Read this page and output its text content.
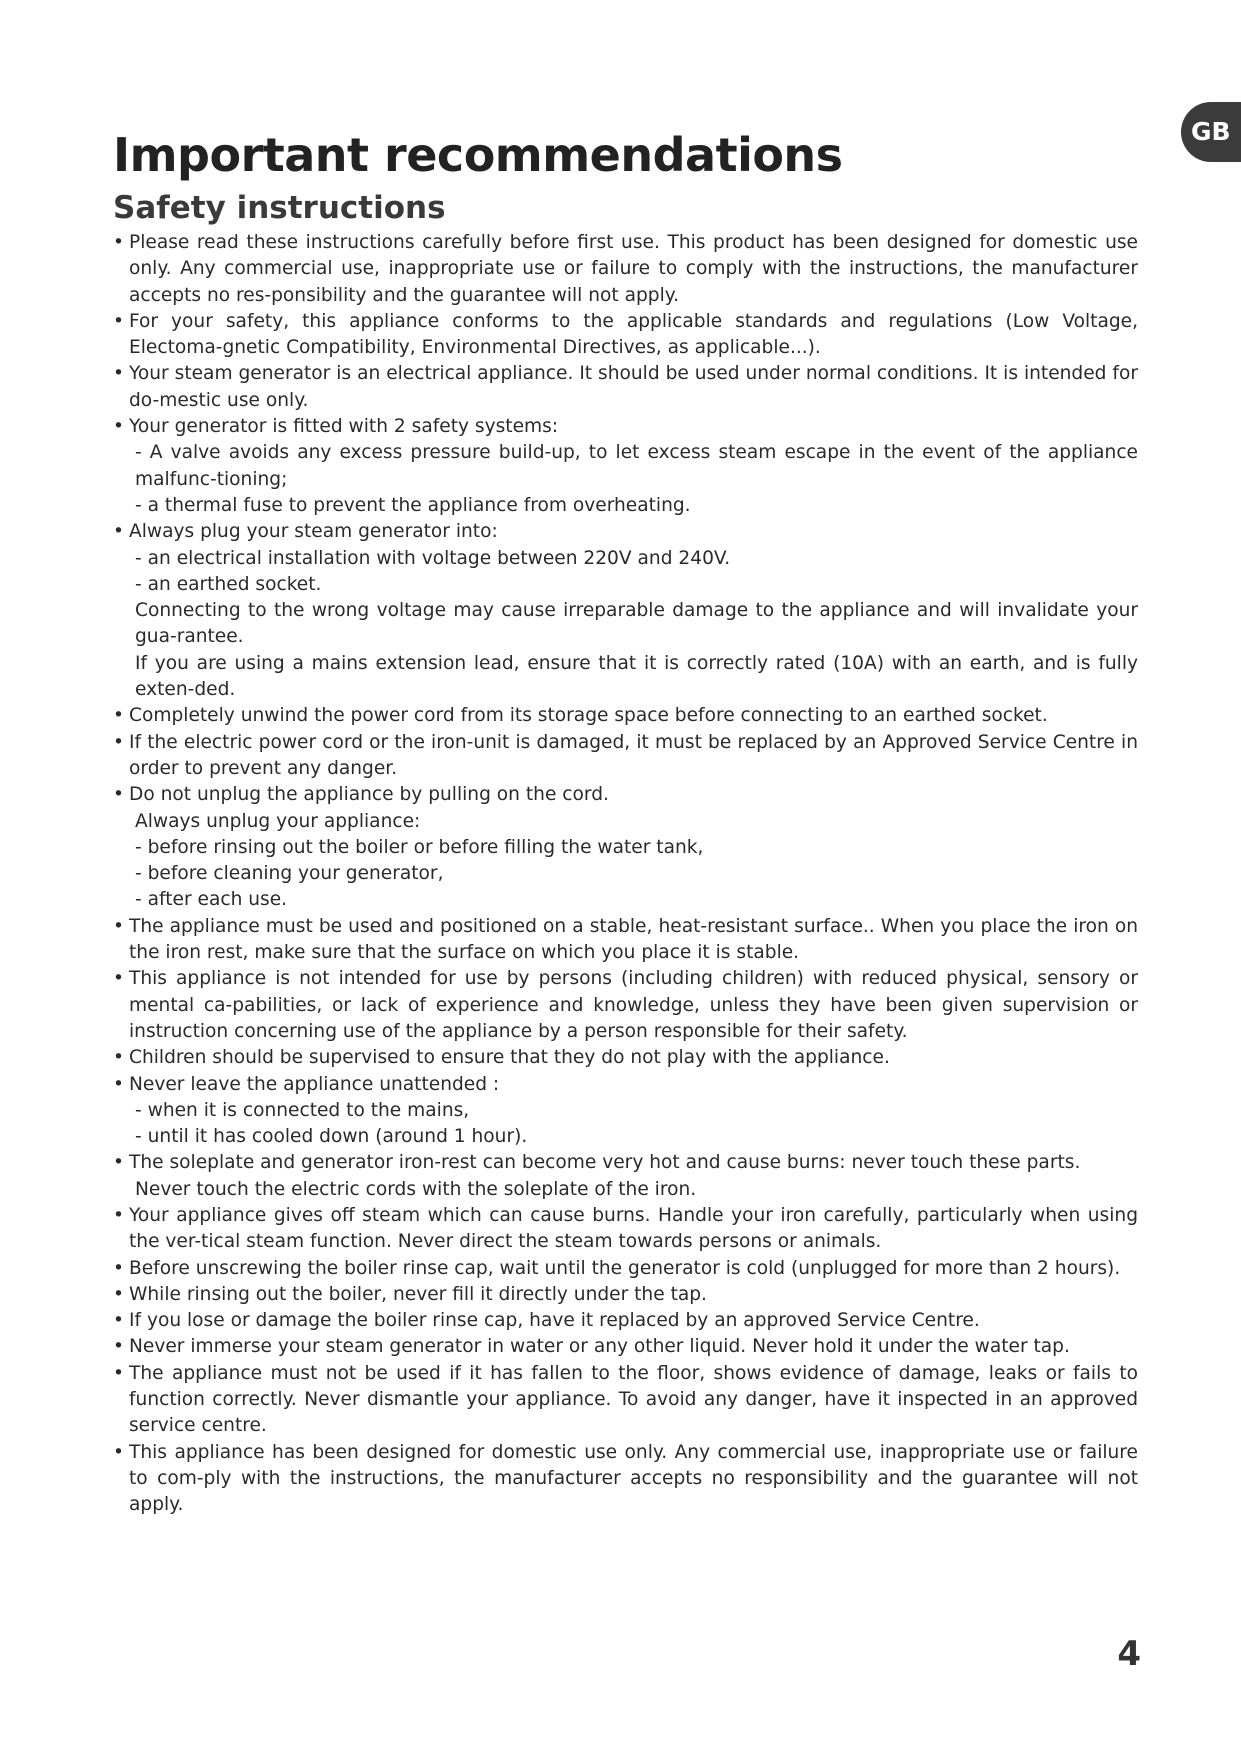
GB
Important recommendations
Safety instructions
• Please read these instructions carefully before first use. This product has been designed for domestic use only. Any commercial use, inappropriate use or failure to comply with the instructions, the manufacturer accepts no res-ponsibility and the guarantee will not apply.
• For your safety, this appliance conforms to the applicable standards and regulations (Low Voltage, Electoma-gnetic Compatibility, Environmental Directives, as applicable...).
• Your steam generator is an electrical appliance. It should be used under normal conditions. It is intended for do-mestic use only.
• Your generator is fitted with 2 safety systems:
- A valve avoids any excess pressure build-up, to let excess steam escape in the event of the appliance malfunc-tioning;
- a thermal fuse to prevent the appliance from overheating.
• Always plug your steam generator into:
- an electrical installation with voltage between 220V and 240V.
- an earthed socket.
Connecting to the wrong voltage may cause irreparable damage to the appliance and will invalidate your gua-rantee.
If you are using a mains extension lead, ensure that it is correctly rated (10A) with an earth, and is fully exten-ded.
• Completely unwind the power cord from its storage space before connecting to an earthed socket.
• If the electric power cord or the iron-unit is damaged, it must be replaced by an Approved Service Centre in order to prevent any danger.
• Do not unplug the appliance by pulling on the cord.
Always unplug your appliance:
- before rinsing out the boiler or before filling the water tank,
- before cleaning your generator,
- after each use.
• The appliance must be used and positioned on a stable, heat-resistant surface.. When you place the iron on the iron rest, make sure that the surface on which you place it is stable.
• This appliance is not intended for use by persons (including children) with reduced physical, sensory or mental ca-pabilities, or lack of experience and knowledge, unless they have been given supervision or instruction concerning use of the appliance by a person responsible for their safety.
• Children should be supervised to ensure that they do not play with the appliance.
• Never leave the appliance unattended :
- when it is connected to the mains,
- until it has cooled down (around 1 hour).
• The soleplate and generator iron-rest can become very hot and cause burns: never touch these parts.
Never touch the electric cords with the soleplate of the iron.
• Your appliance gives off steam which can cause burns. Handle your iron carefully, particularly when using the ver-tical steam function. Never direct the steam towards persons or animals.
• Before unscrewing the boiler rinse cap, wait until the generator is cold (unplugged for more than 2 hours).
• While rinsing out the boiler, never fill it directly under the tap.
• If you lose or damage the boiler rinse cap, have it replaced by an approved Service Centre.
• Never immerse your steam generator in water or any other liquid. Never hold it under the water tap.
• The appliance must not be used if it has fallen to the floor, shows evidence of damage, leaks or fails to function correctly. Never dismantle your appliance. To avoid any danger, have it inspected in an approved service centre.
• This appliance has been designed for domestic use only. Any commercial use, inappropriate use or failure to com-ply with the instructions, the manufacturer accepts no responsibility and the guarantee will not apply.
4
